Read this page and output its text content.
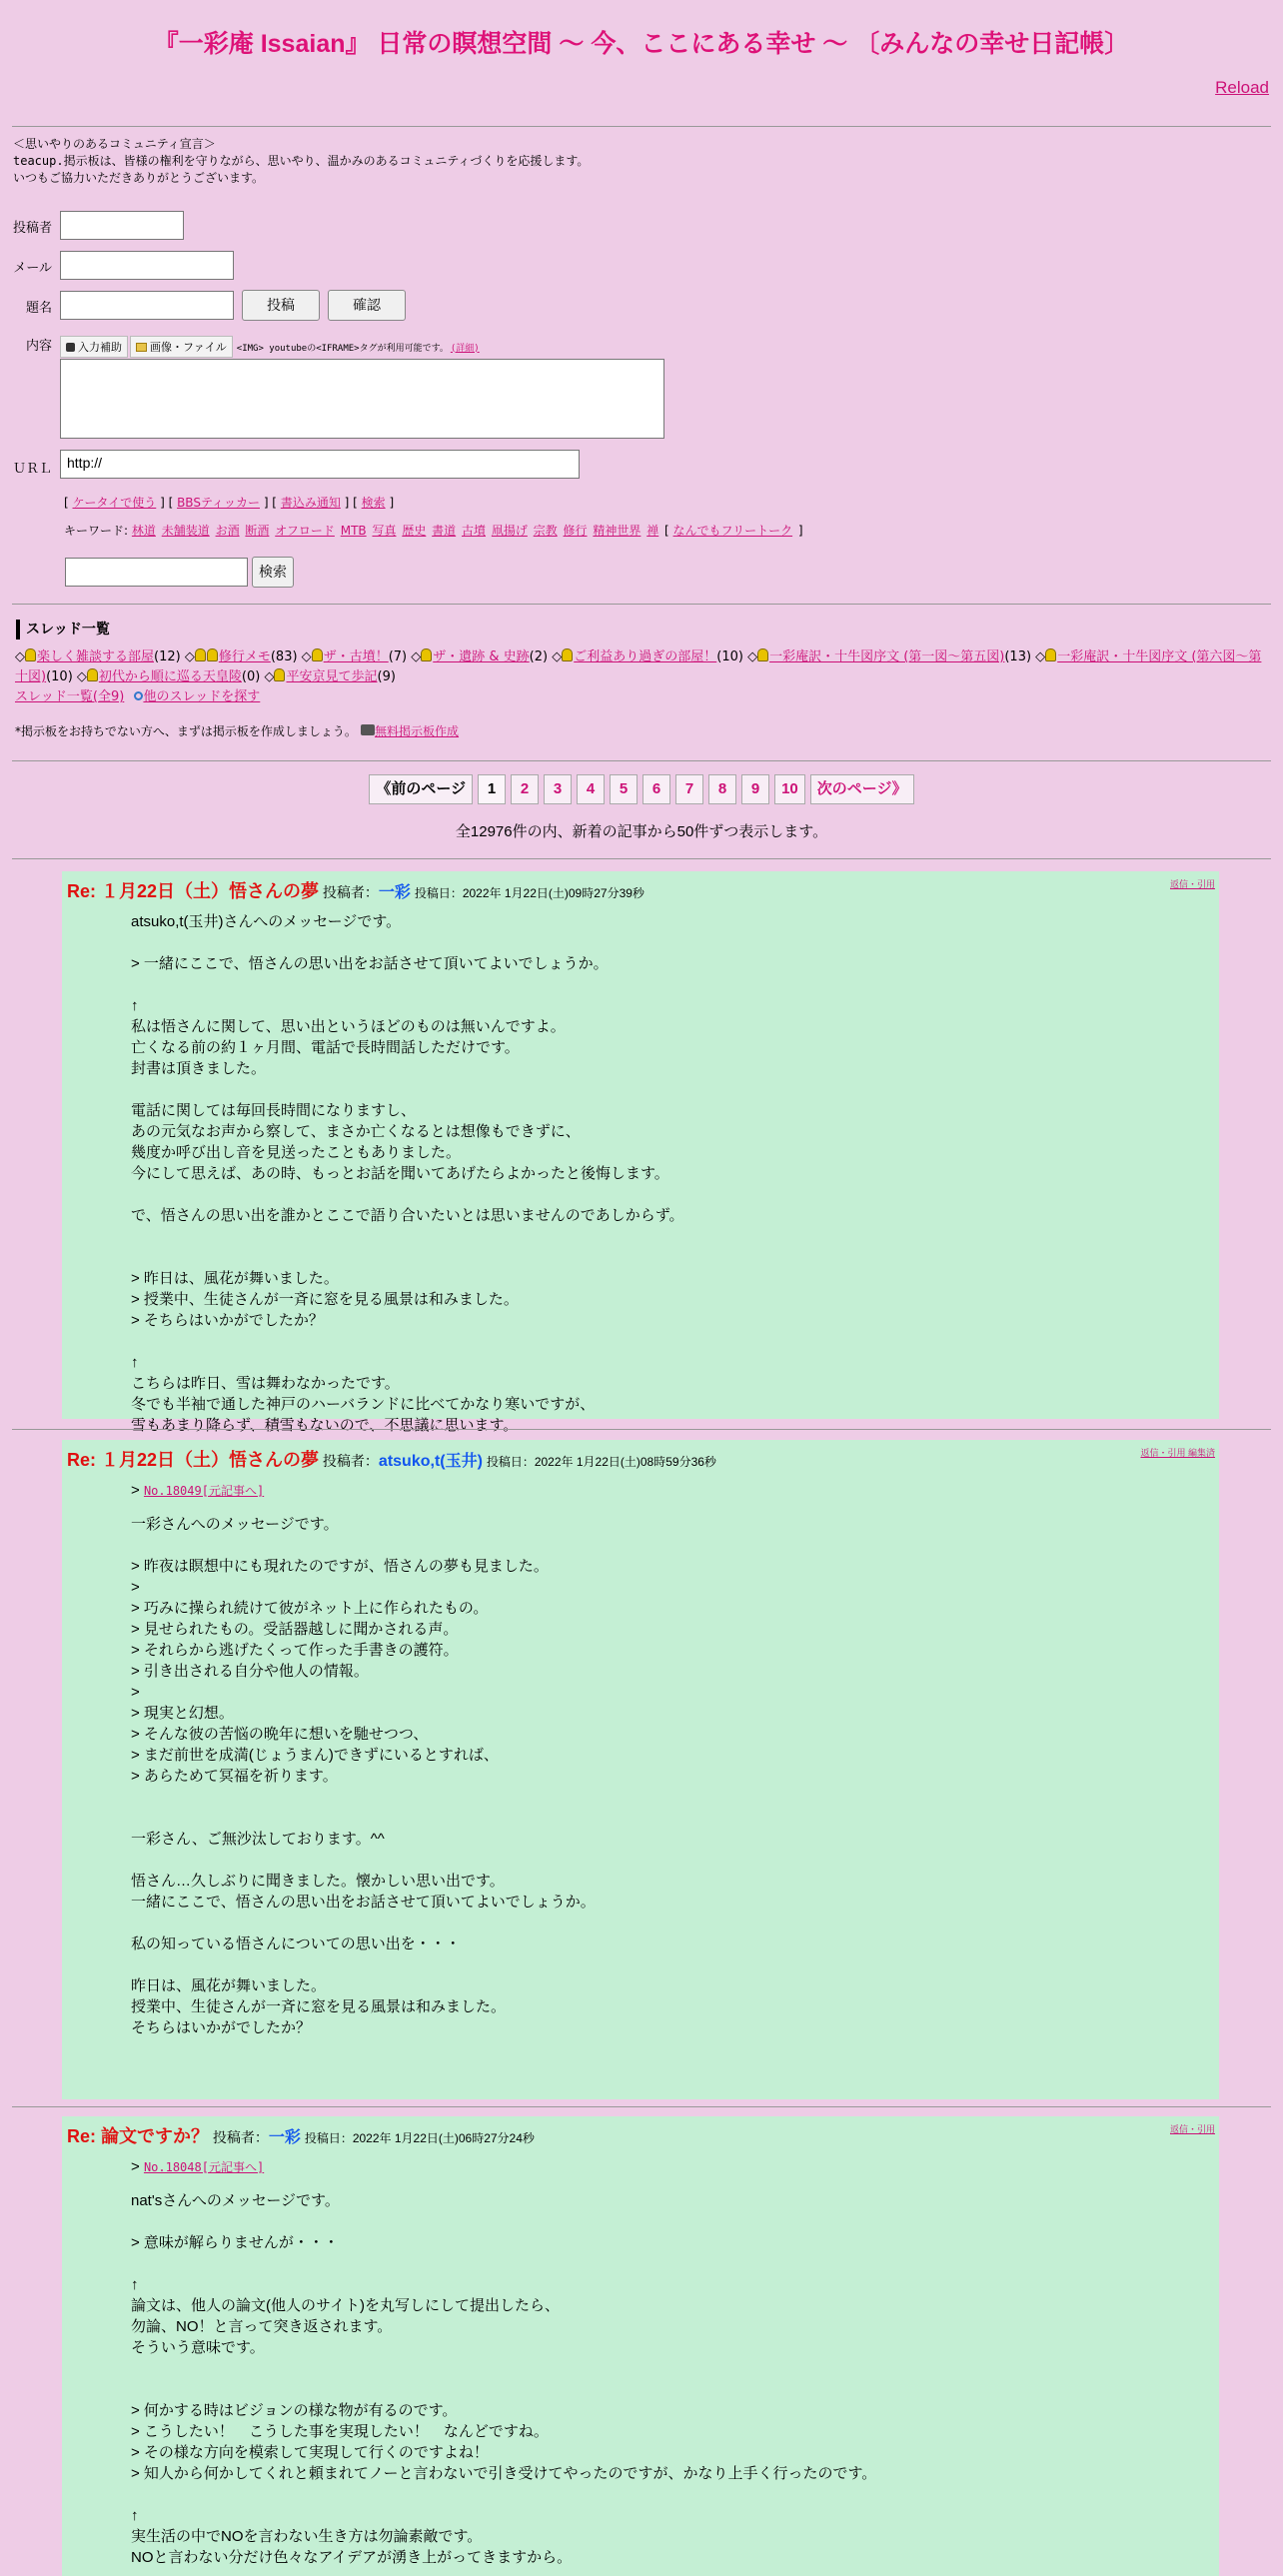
『一彩庵 Issaian』 日常の瞑想空間 ～ 今、ここにある幸せ ～ 〔みんなの幸せ日記帳〕
Reload
＜思いやりのあるコミュニティ宣言＞
teacup.掲示板は、皆様の権利を守りながら、思いやり、温かみのあるコミュニティづくりを応援します。
いつもご協力いただきありがとうございます。
投稿者
メール
題名	投稿	確認
内容 入力補助	画像・ファイル <IMG> youtubeの<IFRAME>タグが利用可能です。 (詳細)
ＵＲＬ	http://
[ ケータイで使う ] [ BBSティッカー ] [ 書込み通知 ] [ 検索 ]
キーワード: 林道 未舗装道 お酒 断酒 オフロード MTB 写真 歴史 書道 古墳 凧揚げ 宗教 修行 精神世界 禅 [ なんでもフリートーク ]
検索
スレッド一覧
◇ 楽しく雑談する部屋(12) ◇ 修行メモ(83) ◇ ザ・古墳！(7) ◇ ザ・遺跡 & 史跡(2) ◇ ご利益あり過ぎの部屋！(10) ◇ 一彩庵訳・十牛図序文 (第一図～第五図)(13) ◇ 一彩庵訳・十牛図序文 (第六図～第十図)(10) ◇ 初代から順に巡る天皇陵(0) ◇ 平安京見て歩記(9)
スレッド一覧(全9) 他のスレッドを探す
*掲示板をお持ちでない方へ、まずは掲示板を作成しましょう。 無料掲示板作成
《前のページ	1	2	3	4	5	6	7	8	9	10	次のページ》
全12976件の内、新着の記事から50件ずつ表示します。
Re: １月22日（土）悟さんの夢 投稿者：一彩 投稿日：2022年 1月22日(土)09時27分39秒
返信・引用
atsuko,t(玉井)さんへのメッセージです。

> 一緒にここで、悟さんの思い出をお話させて頂いてよいでしょうか。

↑
私は悟さんに関して、思い出というほどのものは無いんですよ。
亡くなる前の約１ヶ月間、電話で長時間話しただけです。
封書は頂きました。

電話に関しては毎回長時間になりますし、
あの元気なお声から察して、まさか亡くなるとは想像もできずに、
幾度か呼び出し音を見送ったこともありました。
今にして思えば、あの時、もっとお話を聞いてあげたらよかったと後悔します。

で、悟さんの思い出を誰かとここで語り合いたいとは思いませんのであしからず。

> 昨日は、風花が舞いました。
> 授業中、生徒さんが一斉に窓を見る風景は和みました。
> そちらはいかがでしたか？

↑
こちらは昨日、雪は舞わなかったです。
冬でも半袖で通した神戸のハーバランドに比べてかなり寒いですが、
雪もあまり降らず、積雪もないので、不思議に思います。
Re: １月22日（土）悟さんの夢 投稿者：atsuko,t(玉井) 投稿日：2022年 1月22日(土)08時59分36秒
返信・引用 編集済
> No.18049[元記事へ]
一彩さんへのメッセージです。

> 昨夜は瞑想中にも現れたのですが、悟さんの夢も見ました。
>
> 巧みに操られ続けて彼がネット上に作られたもの。
> 見せられたもの。受話器越しに聞かされる声。
> それらから逃げたくって作った手書きの護符。
> 引き出される自分や他人の情報。
>
> 現実と幻想。
> そんな彼の苦悩の晩年に想いを馳せつつ、
> まだ前世を成満(じょうまん)できずにいるとすれば、
> あらためて冥福を祈ります。

一彩さん、ご無沙汰しております。^^

悟さん…久しぶりに聞きました。懐かしい思い出です。
一緒にここで、悟さんの思い出をお話させて頂いてよいでしょうか。

私の知っている悟さんについての思い出を・・・

昨日は、風花が舞いました。
授業中、生徒さんが一斉に窓を見る風景は和みました。
そちらはいかがでしたか？
Re: 論文ですか？ 投稿者：一彩 投稿日：2022年 1月22日(土)06時27分24秒
返信・引用
> No.18048[元記事へ]
nat'sさんへのメッセージです。

> 意味が解らりませんが・・・

↑
論文は、他人の論文(他人のサイト)を丸写しにして提出したら、
勿論、NO！と言って突き返されます。
そういう意味です。

> 何かする時はビジョンの様な物が有るのです。
> こうしたい！　こうした事を実現したい！　なんどですね。
> その様な方向を模索して実現して行くのですよね！
> 知人から何かしてくれと頼まれてノーと言わないで引き受けてやったのですが、かなり上手く行ったのです。

↑
実生活の中でNOを言わない生き方は勿論素敵です。
NOと言わない分だけ色々なアイデアが湧き上がってきますから。
